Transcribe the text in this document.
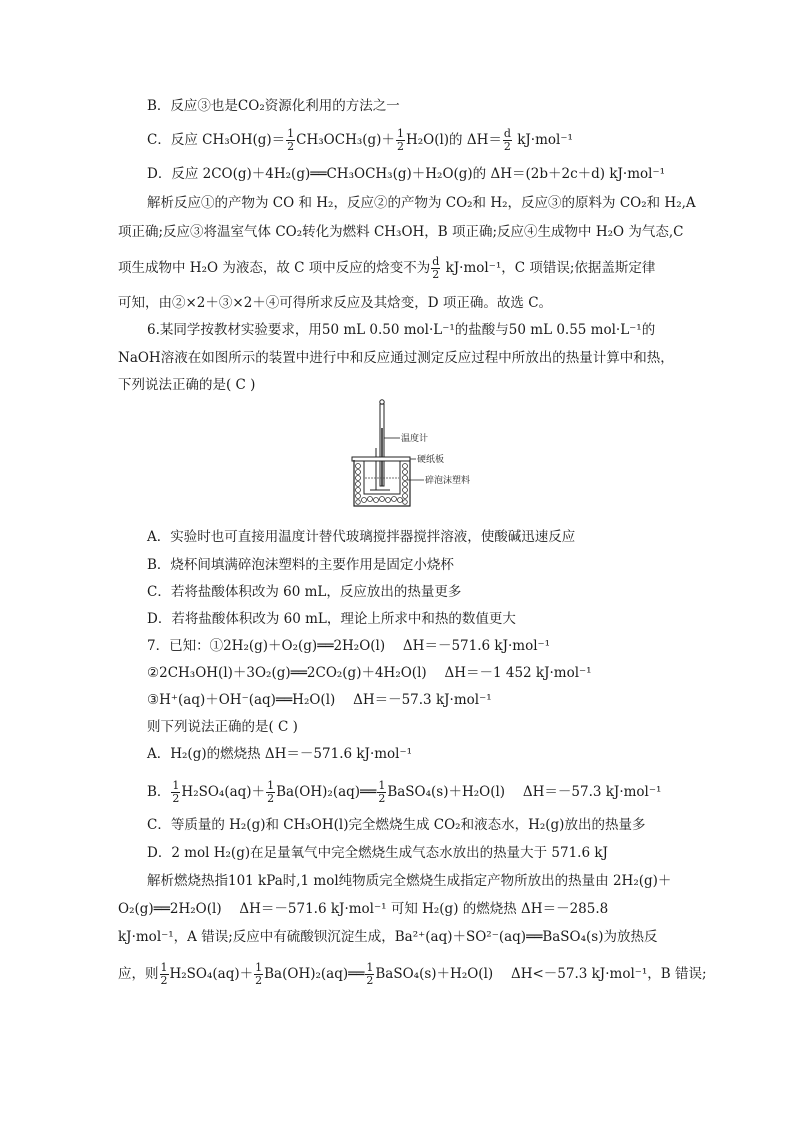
B．反应③也是CO₂资源化利用的方法之一
C．反应 $CH_3OH(g)= \frac{1}{2} CH_3OCH_3(g)+ \frac{1}{2} H_2O(l)$的 $\Delta H= \frac{d}{2} kJ\cdot mol^{-1}$
D．反应 2CO(g)＋4H₂(g)══CH₃OCH₃(g)＋H₂O(g)的 ΔH＝(2b＋2c＋d) kJ·mol⁻¹
解析反应①的产物为 CO 和 H₂，反应②的产物为 CO₂和 H₂，反应③的原料为 CO₂和 H₂,A
项正确;反应③将温室气体 CO₂转化为燃料 CH₃OH，B 项正确;反应④生成物中 H₂O 为气态,C
项生成物中 H₂O 为液态，故 C 项中反应的焓变不为 $\frac{d}{2} kJ\cdot mol^{-1}$，C 项错误;依据盖斯定律
可知，由②×2＋③×2＋④可得所求反应及其焓变，D 项正确。故选 C。
6.某同学按教材实验要求，用50 mL 0.50 mol·L⁻¹的盐酸与50 mL 0.55 mol·L⁻¹的
NaOH溶液在如图所示的装置中进行中和反应通过测定反应过程中所放出的热量计算中和热，
下列说法正确的是( C )
温度计
硬纸板
碎泡沫塑料
A．实验时也可直接用温度计替代玻璃搅拌器搅拌溶液，使酸碱迅速反应
B．烧杯间填满碎泡沫塑料的主要作用是固定小烧杯
C．若将盐酸体积改为 60 mL，反应放出的热量更多
D．若将盐酸体积改为 60 mL，理论上所求中和热的数值更大
7．已知：①2H₂(g)＋O₂(g)══2H₂O(l)　 ΔH＝－571.6 kJ·mol⁻¹
②2CH₃OH(l)＋3O₂(g)══2CO₂(g)＋4H₂O(l)　 ΔH＝－1 452 kJ·mol⁻¹
③H⁺(aq)＋OH⁻(aq)══H₂O(l)　 ΔH＝－57.3 kJ·mol⁻¹
则下列说法正确的是( C )
A．H₂(g)的燃烧热 ΔH＝－571.6 kJ·mol⁻¹
B． $\frac{1}{2} H_2SO_4(aq)+ \frac{1}{2}$ Ba(OH)₂(aq)══ $\frac{1}{2}$ BaSO₄(s)＋H₂O(l)　 ΔH＝－57.3 kJ·mol⁻¹
C．等质量的 H₂(g)和 CH₃OH(l)完全燃烧生成 CO₂和液态水，H₂(g)放出的热量多
D．2 mol H₂(g)在足量氧气中完全燃烧生成气态水放出的热量大于 571.6 kJ
解析燃烧热指101 kPa时,1 mol纯物质完全燃烧生成指定产物所放出的热量由 2H₂(g)＋
O₂(g)══2H₂O(l)　 ΔH＝－571.6 kJ·mol⁻¹ 可知 H₂(g) 的燃烧热 ΔH＝－285.8
kJ·mol⁻¹，A 错误;反应中有硫酸钡沉淀生成，Ba²⁺(aq)＋SO²⁻(aq)══BaSO₄(s)为放热反
应，则 $\frac{1}{2} H_2SO_4(aq)+ \frac{1}{2}$ Ba(OH)₂(aq)══ $\frac{1}{2}$ BaSO₄(s)＋H₂O(l)　 ΔH<－57.3 kJ·mol⁻¹，B 错误;
